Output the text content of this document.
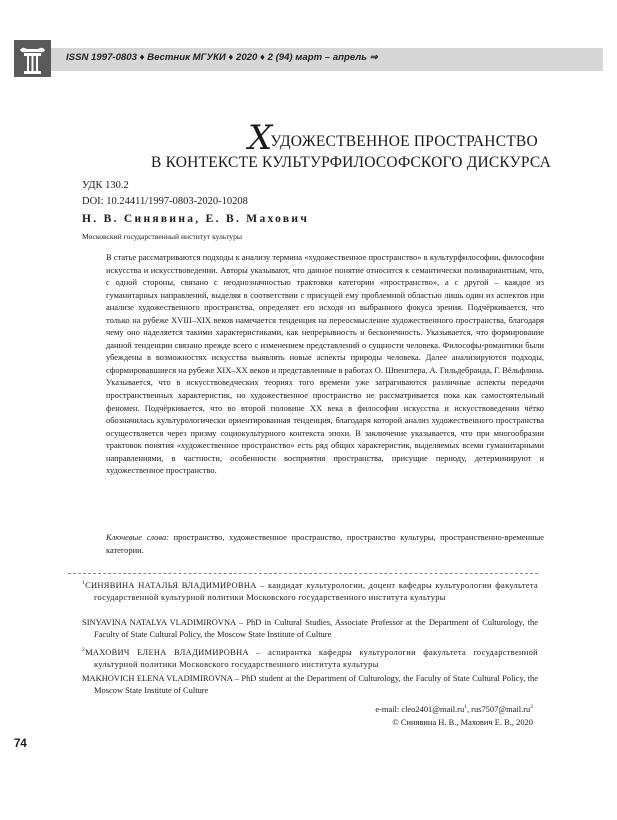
ISSN 1997-0803 ♦ Вестник МГУКИ ♦ 2020 ♦ 2 (94) март – апрель ⇒
ХУДОЖЕСТВЕННОЕ ПРОСТРАНСТВО
В КОНТЕКСТЕ КУЛЬТУРФИЛОСОФСКОГО ДИСКУРСА
УДК 130.2
DOI: 10.24411/1997-0803-2020-10208
Н. В. Синявина, Е. В. Махович
Московский государственный институт культуры

В статье рассматриваются подходы к анализу термина «художественное пространство» в культурфилософии, философии искусства и искусствоведении. Авторы указывают, что данное понятие относится к семантически поливариантным, что, с одной стороны, связано с неоднозначностью трактовки категории «пространство», а с другой – каждое из гуманитарных направлений, выделяя в соответствии с присущей ему проблемной областью лишь один из аспектов при анализе художественного пространства, определяет его исходя из выбранного фокуса зрения. Подчёркивается, что только на рубеже XVIII–XIX веков намечается тенденция на переосмысление художественного пространства, благодаря чему оно наделяется такими характеристиками, как непрерывность и бесконечность. Указывается, что формирование данной тенденции связано прежде всего с изменением представлений о сущности человека. Философы-романтики были убеждены в возможностях искусства выявлять новые аспекты природы человека. Далее анализируются подходы, сформировавшиеся на рубеже XIX–XX веков и представленные в работах О. Шпенглера, А. Гильдебранда, Г. Вёльфлина. Указывается, что в искусствоведческих теориях того времени уже затрагиваются различные аспекты передачи пространственных характеристик, но художественное пространство не рассматривается пока как самостоятельный феномен. Подчёркивается, что во второй половине XX века в философии искусства и искусствоведении чётко обозначилась культурологически ориентированная тенденция, благодаря которой анализ художественного пространства осуществляется через призму социокультурного контекста эпохи. В заключение указывается, что при многообразии трактовок понятия «художественное пространство» есть ряд общих характеристик, выделяемых всеми гуманитарными направлениями, в частности, особенности восприятия пространства, присущие периоду, детерминируют и художественное пространство.

Ключевые слова: пространство, художественное пространство, пространство культуры, пространственно-временные категории.
$^1$СИНЯВИНА НАТАЛЬЯ ВЛАДИМИРОВНА – кандидат культурологии, доцент кафедры культурологии факультета государственной культурной политики Московского государственного института культуры
SINYAVINA NATALYA VLADIMIROVNA – PhD in Cultural Studies, Associate Professor at the Department of Culturology, the Faculty of State Cultural Policy, the Moscow State Institute of Culture
$^2$МАХОВИЧ ЕЛЕНА ВЛАДИМИРОВНА – аспирантка кафедры культурологии факультета государственной культурной политики Московского государственного института культуры
MAKHOVICH ELENA VLADIMIROVNA – PhD student at the Department of Culturology, the Faculty of State Cultural Policy, the Moscow State Institute of Culture
e-mail: $cleo2401@mail.ru^1$, $rus7507@mail.ru^2$
© Синявина Н. В., Махович Е. В., 2020
74
